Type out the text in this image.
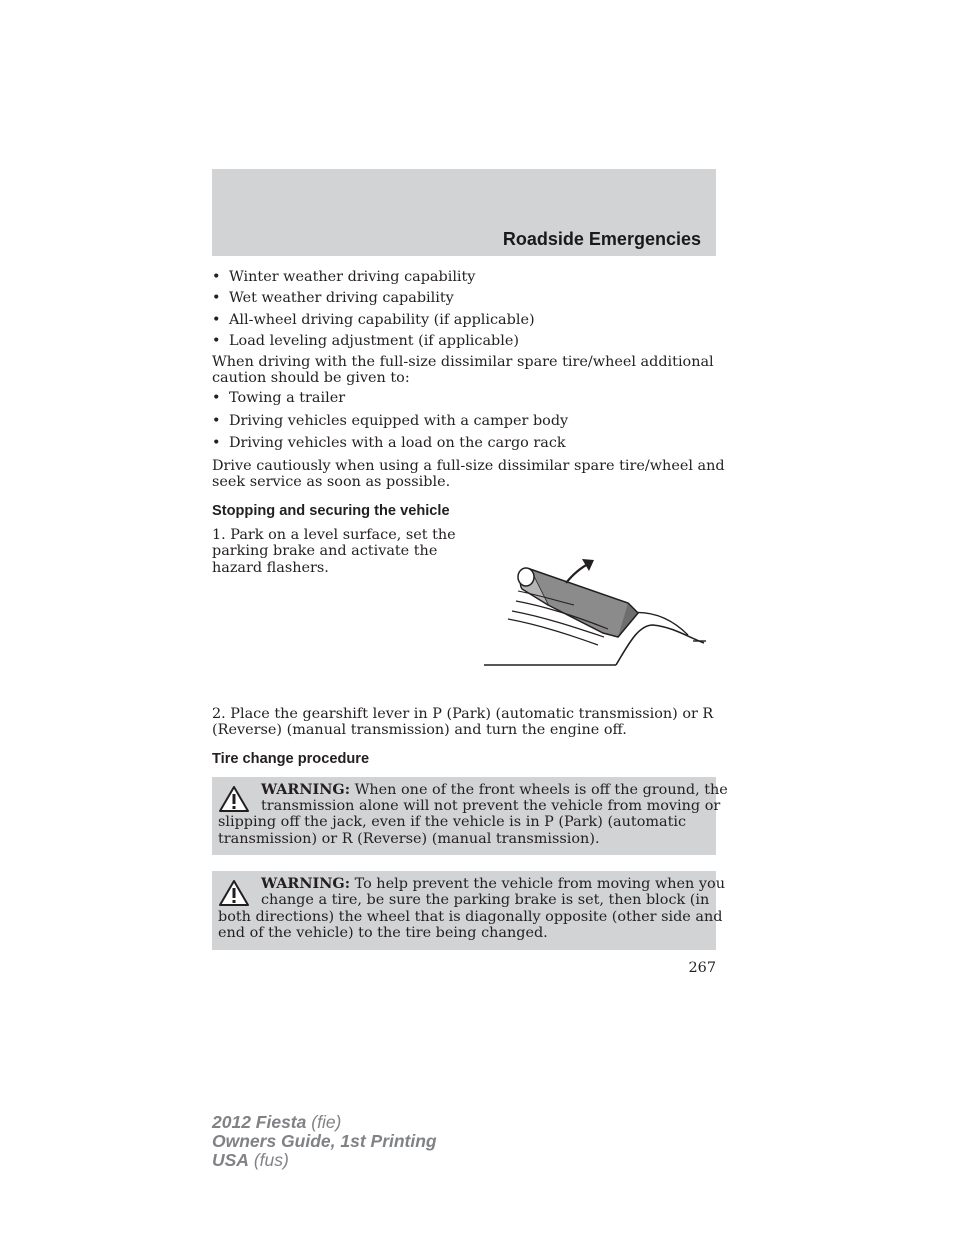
Roadside Emergencies
• Winter weather driving capability
• Wet weather driving capability
• All-wheel driving capability (if applicable)
• Load leveling adjustment (if applicable)
When driving with the full-size dissimilar spare tire/wheel additional
caution should be given to:
• Towing a trailer
• Driving vehicles equipped with a camper body
• Driving vehicles with a load on the cargo rack
Drive cautiously when using a full-size dissimilar spare tire/wheel and
seek service as soon as possible.
Stopping and securing the vehicle
1. Park on a level surface, set the
parking brake and activate the
hazard flashers.
2. Place the gearshift lever in P (Park) (automatic transmission) or R
(Reverse) (manual transmission) and turn the engine off.
Tire change procedure
WARNING: When one of the front wheels is off the ground, the
transmission alone will not prevent the vehicle from moving or
slipping off the jack, even if the vehicle is in P (Park) (automatic
transmission) or R (Reverse) (manual transmission).
WARNING: To help prevent the vehicle from moving when you
change a tire, be sure the parking brake is set, then block (in
both directions) the wheel that is diagonally opposite (other side and
end of the vehicle) to the tire being changed.
267
2012 Fiesta (fie)
Owners Guide, 1st Printing
USA (fus)
